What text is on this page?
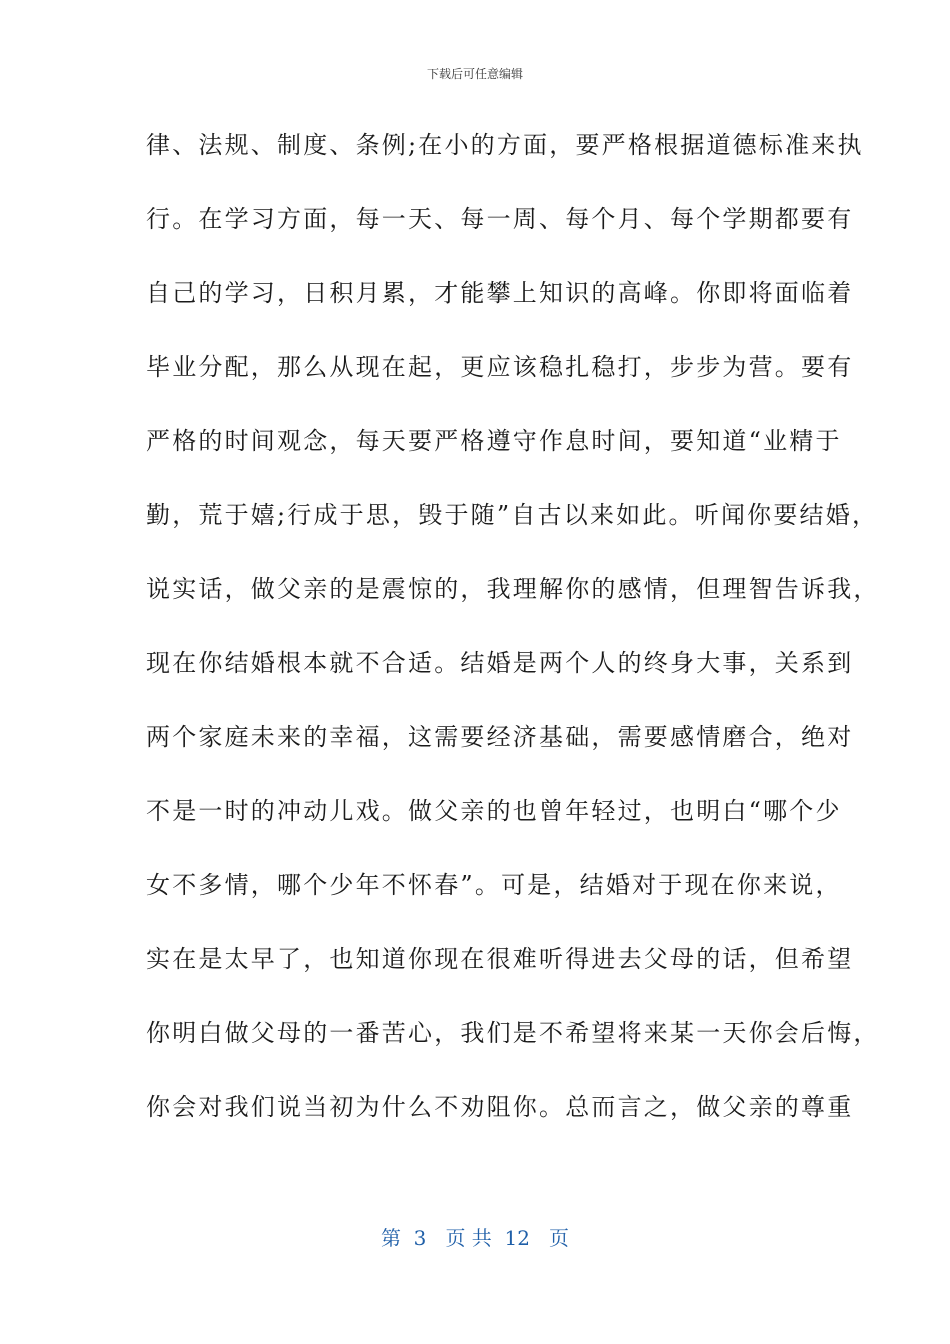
下载后可任意编辑
律、法规、制度、条例;在小的方面，要严格根据道德标准来执
行。在学习方面，每一天、每一周、每个月、每个学期都要有
自己的学习，日积月累，才能攀上知识的高峰。你即将面临着
毕业分配，那么从现在起，更应该稳扎稳打，步步为营。要有
严格的时间观念，每天要严格遵守作息时间，要知道“业精于
勤，荒于嬉;行成于思，毁于随”自古以来如此。听闻你要结婚，
说实话，做父亲的是震惊的，我理解你的感情，但理智告诉我，
现在你结婚根本就不合适。结婚是两个人的终身大事，关系到
两个家庭未来的幸福，这需要经济基础，需要感情磨合，绝对
不是一时的冲动儿戏。做父亲的也曾年轻过，也明白“哪个少
女不多情，哪个少年不怀春”。可是，结婚对于现在你来说，
实在是太早了，也知道你现在很难听得进去父母的话，但希望
你明白做父母的一番苦心，我们是不希望将来某一天你会后悔，
你会对我们说当初为什么不劝阻你。总而言之，做父亲的尊重
第  3   页 共  12   页
